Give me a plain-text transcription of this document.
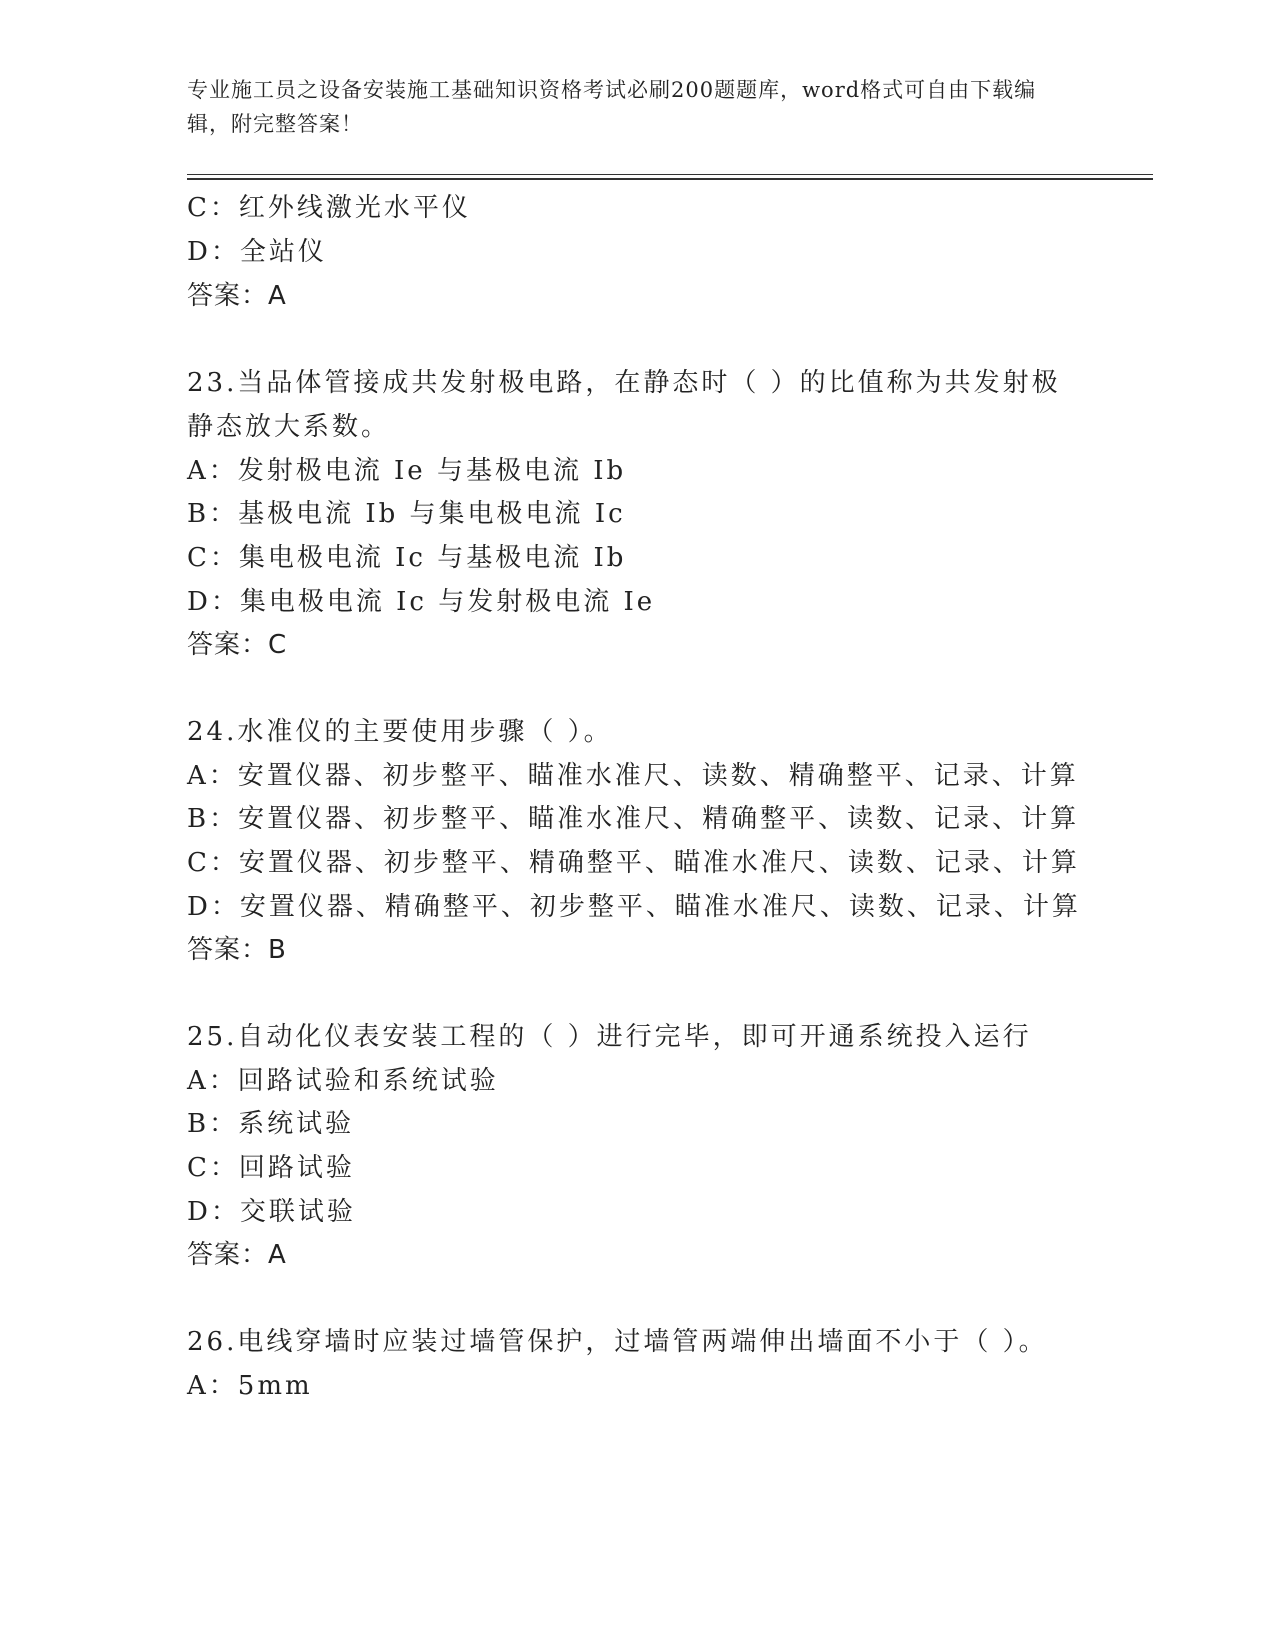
专业施工员之设备安装施工基础知识资格考试必刷200题题库，word格式可自由下载编辑，附完整答案！
C：红外线激光水平仪
D：全站仪
答案：A
23.当品体管接成共发射极电路，在静态时（ ）的比值称为共发射极
静态放大系数。
A：发射极电流 Ie 与基极电流 Ib
B：基极电流 Ib 与集电极电流 Ic
C：集电极电流 Ic 与基极电流 Ib
D：集电极电流 Ic 与发射极电流 Ie
答案：C
24.水准仪的主要使用步骤（ ）。
A：安置仪器、初步整平、瞄准水准尺、读数、精确整平、记录、计算
B：安置仪器、初步整平、瞄准水准尺、精确整平、读数、记录、计算
C：安置仪器、初步整平、精确整平、瞄准水准尺、读数、记录、计算
D：安置仪器、精确整平、初步整平、瞄准水准尺、读数、记录、计算
答案：B
25.自动化仪表安装工程的（ ）进行完毕，即可开通系统投入运行
A：回路试验和系统试验
B：系统试验
C：回路试验
D：交联试验
答案：A
26.电线穿墙时应装过墙管保护，过墙管两端伸出墙面不小于（ ）。
A：5mm
